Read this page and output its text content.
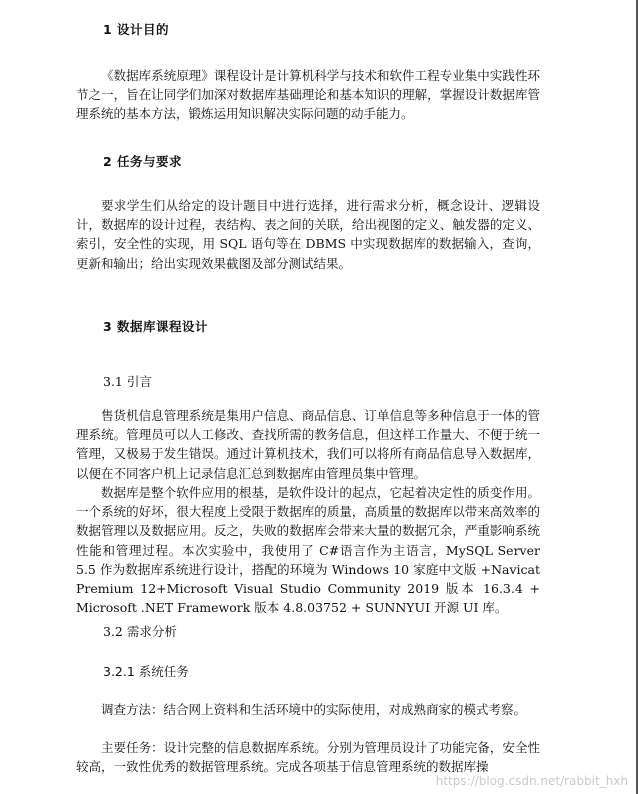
1 设计目的

《数据库系统原理》课程设计是计算机科学与技术和软件工程专业集中实践性环节之一，旨在让同学们加深对数据库基础理论和基本知识的理解，掌握设计数据库管理系统的基本方法，锻炼运用知识解决实际问题的动手能力。

2 任务与要求

要求学生们从给定的设计题目中进行选择，进行需求分析，概念设计、逻辑设计，数据库的设计过程，表结构、表之间的关联，给出视图的定义、触发器的定义、索引，安全性的实现，用 SQL 语句等在 DBMS 中实现数据库的数据输入，查询，更新和输出；给出实现效果截图及部分测试结果。

3 数据库课程设计
3.1 引言

售货机信息管理系统是集用户信息、商品信息、订单信息等多种信息于一体的管理系统。管理员可以人工修改、查找所需的教务信息，但这样工作量大、不便于统一管理，又极易于发生错误。通过计算机技术，我们可以将所有商品信息导入数据库，以便在不同客户机上记录信息汇总到数据库由管理员集中管理。

数据库是整个软件应用的根基，是软件设计的起点，它起着决定性的质变作用。一个系统的好坏，很大程度上受限于数据库的质量，高质量的数据库以带来高效率的数据管理以及数据应用。反之，失败的数据库会带来大量的数据冗余，严重影响系统性能和管理过程。本次实验中，我使用了 C#语言作为主语言，MySQL Server 5.5 作为数据库系统进行设计，搭配的环境为 Windows 10 家庭中文版 +Navicat Premium 12+Microsoft Visual Studio Community 2019 版本 16.3.4 + Microsoft .NET Framework 版本 4.8.03752 + SUNNYUI 开源 UI 库。

3.2 需求分析
3.2.1 系统任务

调查方法：结合网上资料和生活环境中的实际使用，对成熟商家的模式考察。

主要任务：设计完整的信息数据库系统。分别为管理员设计了功能完备，安全性较高，一致性优秀的数据管理系统。完成各项基于信息管理系统的数据库操

https://blog.csdn.net/rabbit_hxh
